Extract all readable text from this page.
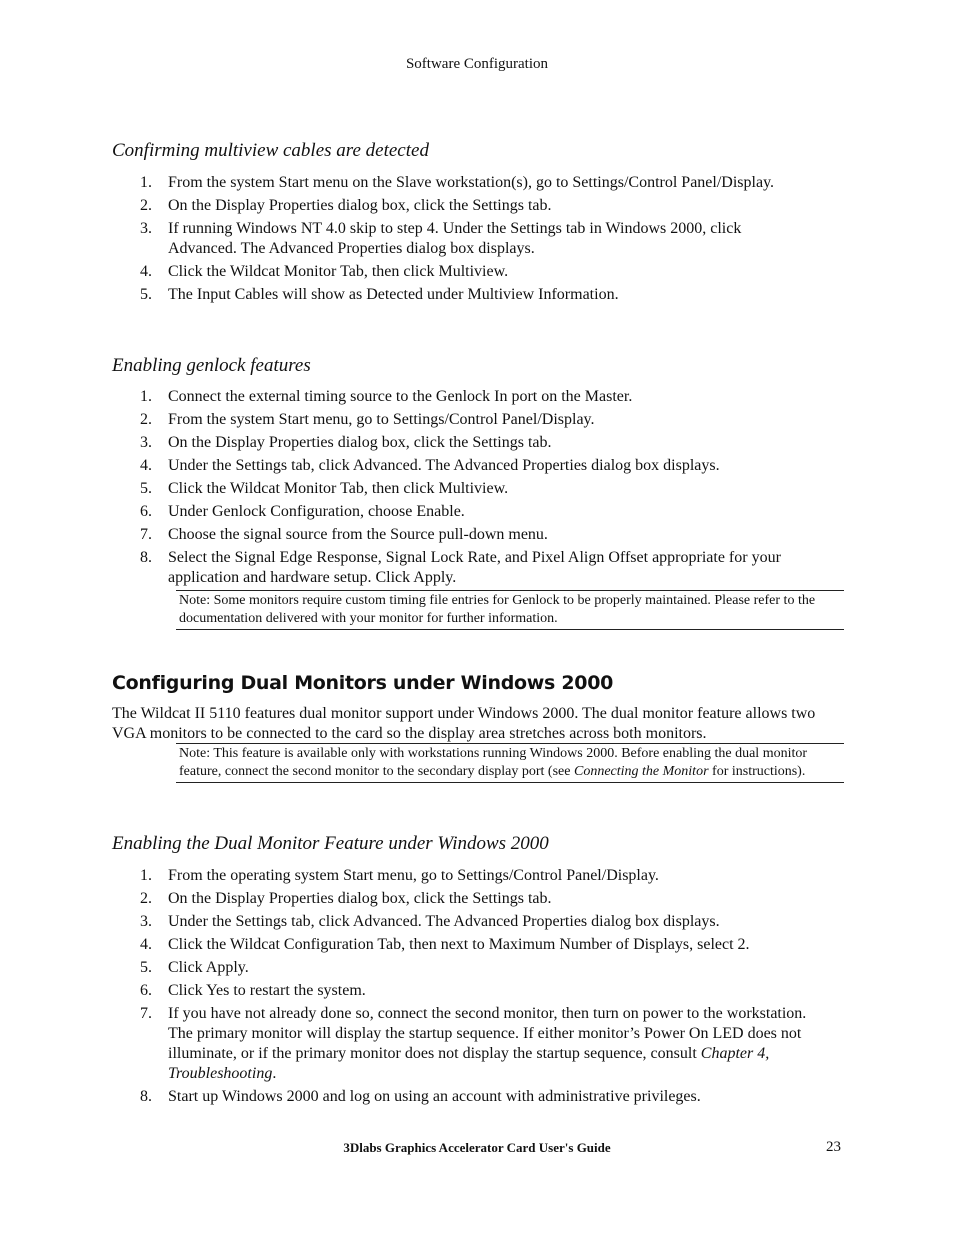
Software Configuration
Confirming multiview cables are detected
1. From the system Start menu on the Slave workstation(s), go to Settings/Control Panel/Display.
2. On the Display Properties dialog box, click the Settings tab.
3. If running Windows NT 4.0 skip to step 4. Under the Settings tab in Windows 2000, click Advanced. The Advanced Properties dialog box displays.
4. Click the Wildcat Monitor Tab, then click Multiview.
5. The Input Cables will show as Detected under Multiview Information.
Enabling genlock features
1. Connect the external timing source to the Genlock In port on the Master.
2. From the system Start menu, go to Settings/Control Panel/Display.
3. On the Display Properties dialog box, click the Settings tab.
4. Under the Settings tab, click Advanced. The Advanced Properties dialog box displays.
5. Click the Wildcat Monitor Tab, then click Multiview.
6. Under Genlock Configuration, choose Enable.
7. Choose the signal source from the Source pull-down menu.
8. Select the Signal Edge Response, Signal Lock Rate, and Pixel Align Offset appropriate for your application and hardware setup. Click Apply.
Note: Some monitors require custom timing file entries for Genlock to be properly maintained. Please refer to the documentation delivered with your monitor for further information.
Configuring Dual Monitors under Windows 2000
The Wildcat II 5110 features dual monitor support under Windows 2000. The dual monitor feature allows two VGA monitors to be connected to the card so the display area stretches across both monitors.
Note: This feature is available only with workstations running Windows 2000. Before enabling the dual monitor feature, connect the second monitor to the secondary display port (see Connecting the Monitor for instructions).
Enabling the Dual Monitor Feature under Windows 2000
1. From the operating system Start menu, go to Settings/Control Panel/Display.
2. On the Display Properties dialog box, click the Settings tab.
3. Under the Settings tab, click Advanced. The Advanced Properties dialog box displays.
4. Click the Wildcat Configuration Tab, then next to Maximum Number of Displays, select 2.
5. Click Apply.
6. Click Yes to restart the system.
7. If you have not already done so, connect the second monitor, then turn on power to the workstation. The primary monitor will display the startup sequence. If either monitor’s Power On LED does not illuminate, or if the primary monitor does not display the startup sequence, consult Chapter 4, Troubleshooting.
8. Start up Windows 2000 and log on using an account with administrative privileges.
3Dlabs Graphics Accelerator Card User's Guide	23
